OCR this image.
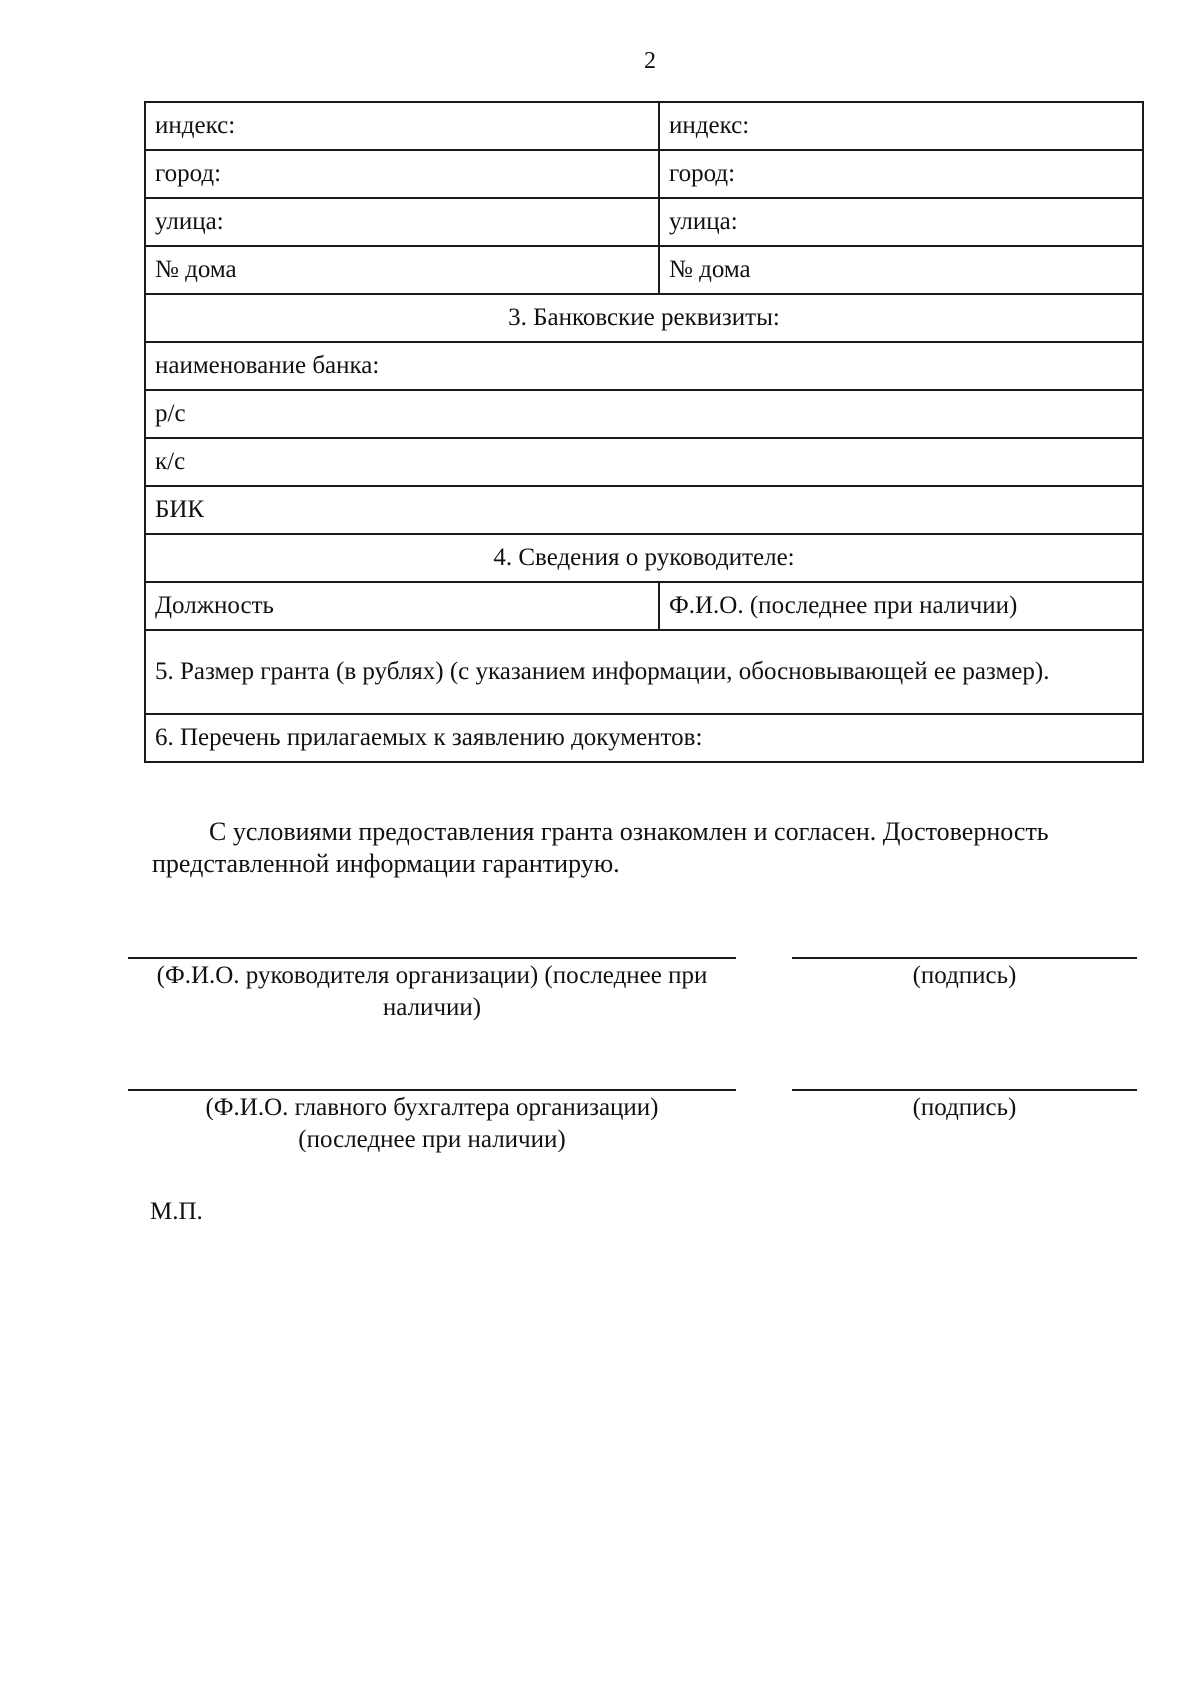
2
индекс:	индекс:
город:	город:
улица:	улица:
№ дома	№ дома
3. Банковские реквизиты:	
наименование банка:	
р/с	
к/с	
БИК	
4. Сведения о руководителе:	
Должность	Ф.И.О. (последнее при наличии)
5. Размер гранта (в рублях) (с указанием информации, обосновывающей ее размер).	
6. Перечень прилагаемых к заявлению документов:	
С условиями предоставления гранта ознакомлен и согласен. Достоверность представленной информации гарантирую.
(Ф.И.О. руководителя организации) (последнее при наличии)
(подпись)
(Ф.И.О. главного бухгалтера организации) (последнее при наличии)
(подпись)
М.П.
